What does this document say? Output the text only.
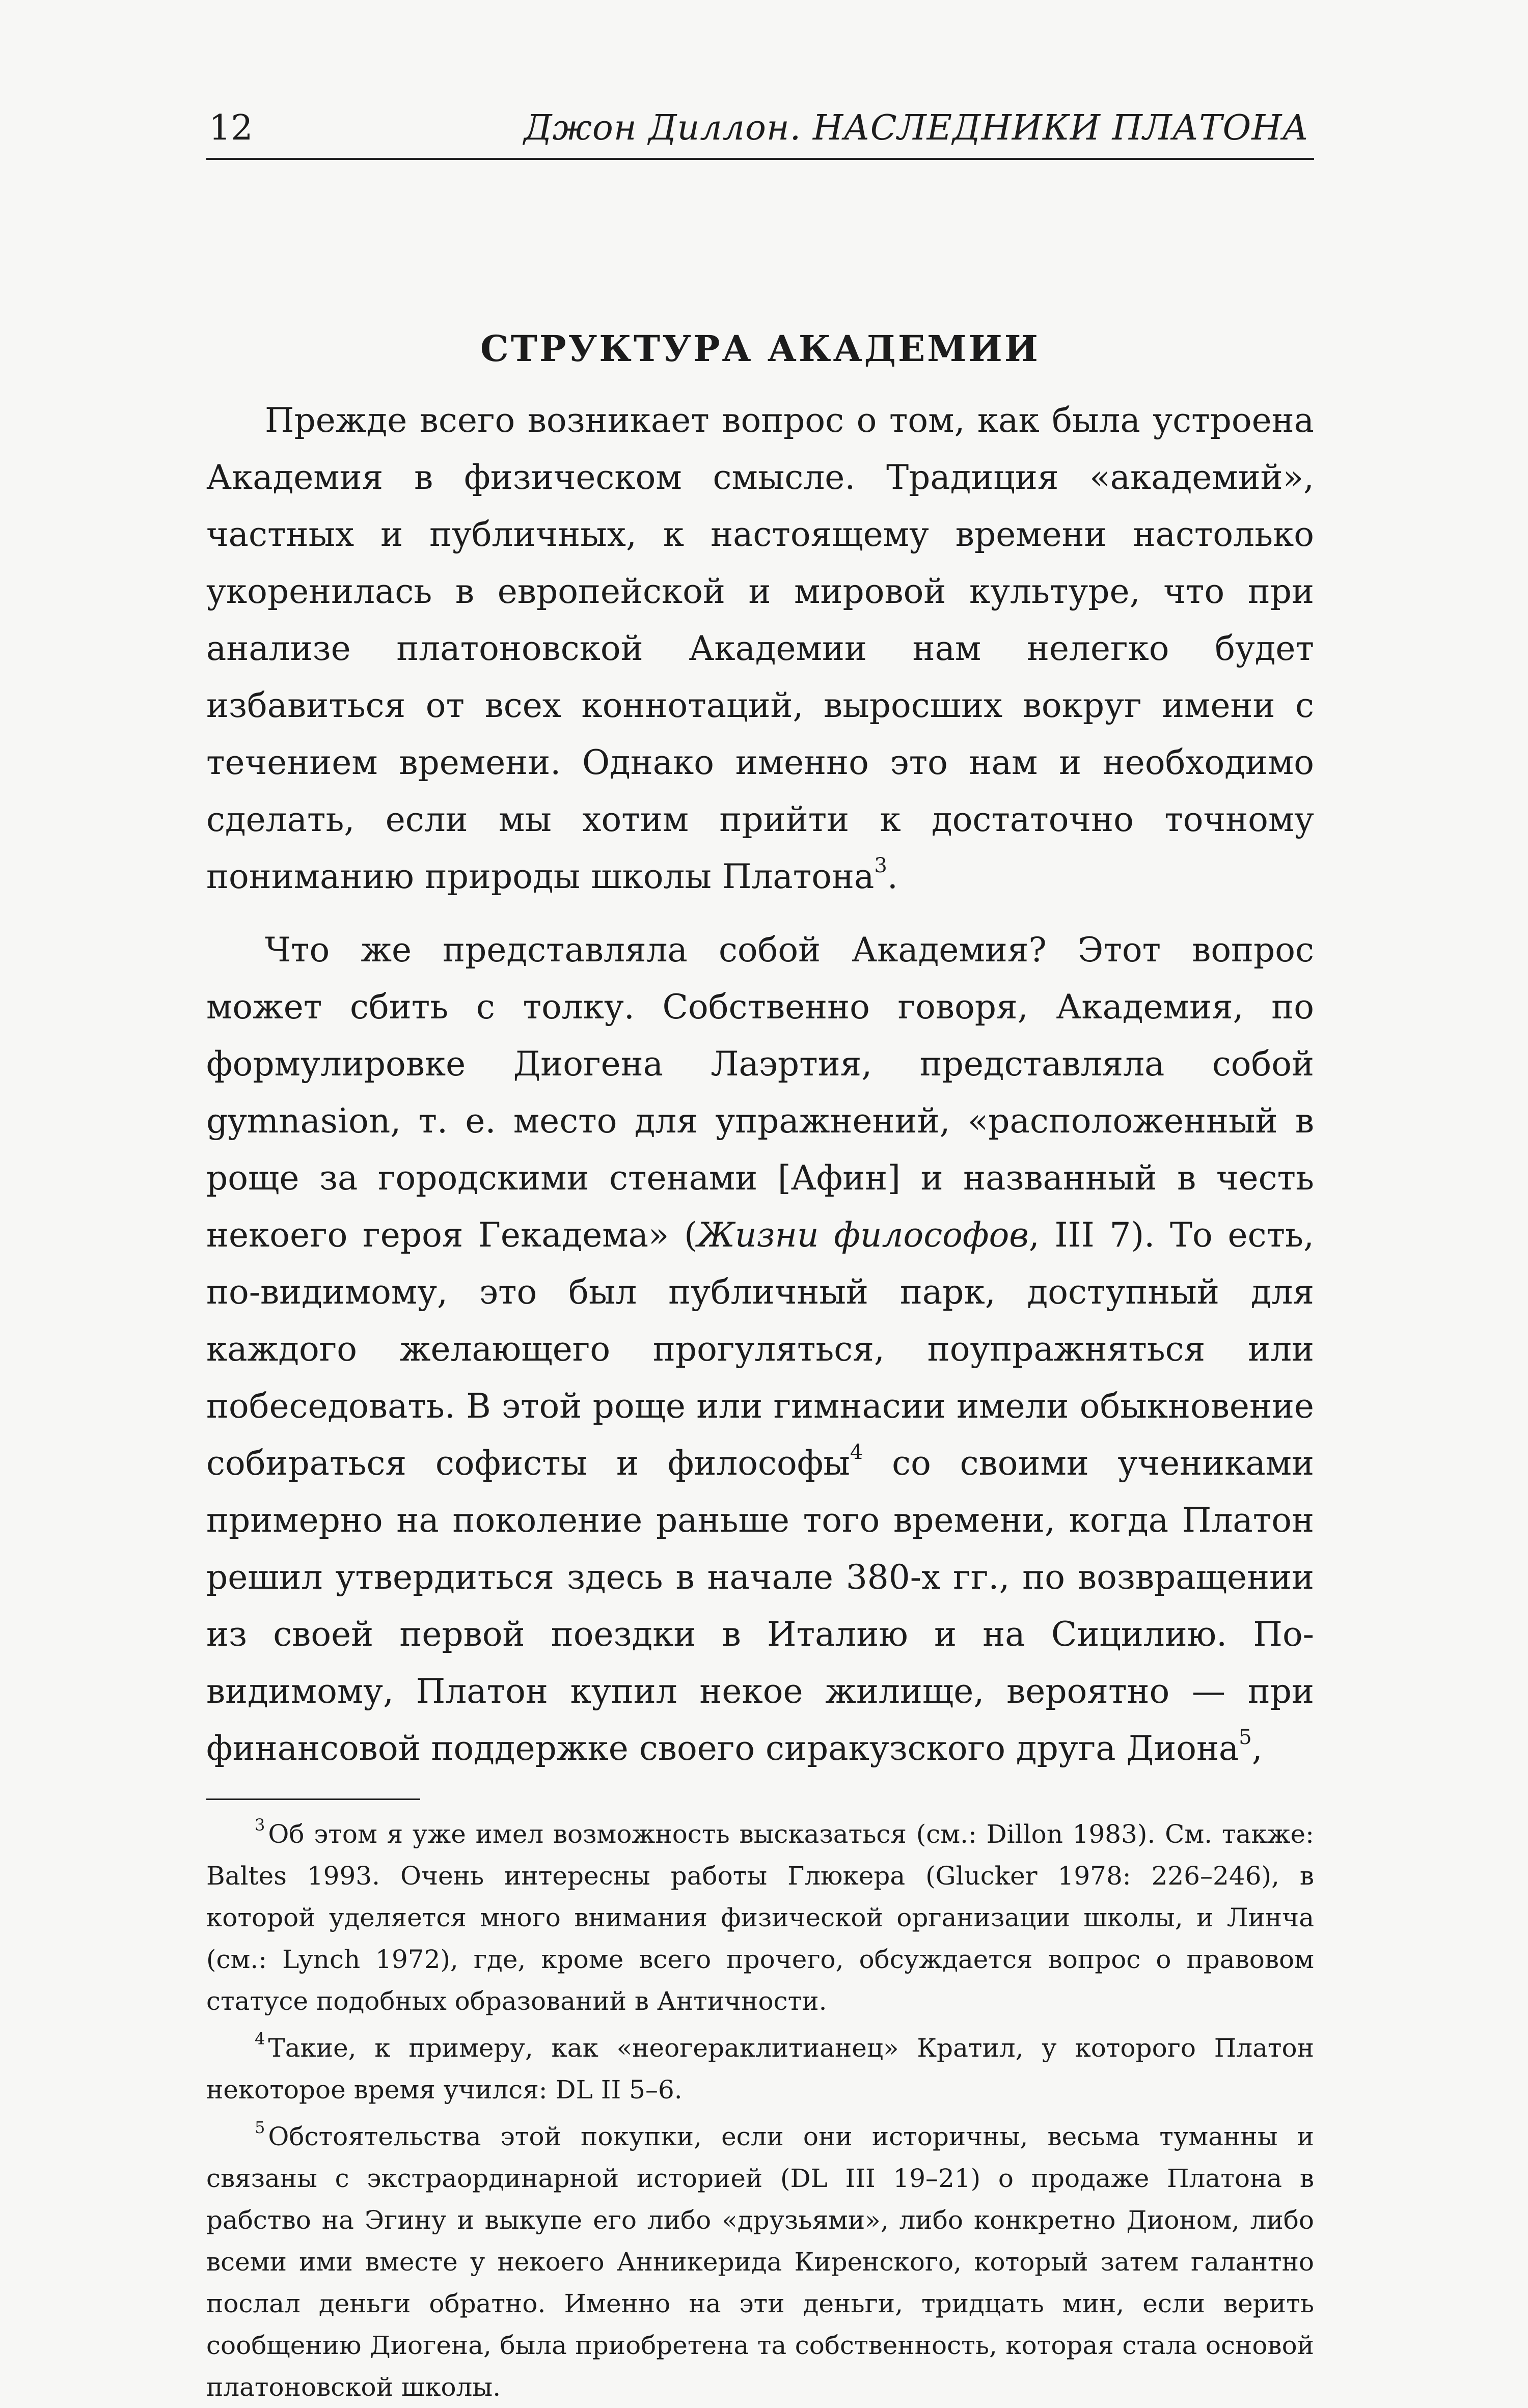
12	Джон Диллон. НАСЛЕДНИКИ ПЛАТОНА
СТРУКТУРА АКАДЕМИИ

Прежде всего возникает вопрос о том, как была устроена Академия в физическом смысле. Традиция «академий», частных и публичных, к настоящему времени настолько укоренилась в европейской и мировой культуре, что при анализе платоновской Академии нам нелегко будет избавиться от всех коннотаций, выросших вокруг имени с течением времени. Однако именно это нам и необходимо сделать, если мы хотим прийти к достаточно точному пониманию природы школы Платона$^3$.

Что же представляла собой Академия? Этот вопрос может сбить с толку. Собственно говоря, Академия, по формулировке Диогена Лаэртия, представляла собой gymnasion, т. е. место для упражнений, «расположенный в роще за городскими стенами [Афин] и названный в честь некоего героя Гекадема» (Жизни философов, III 7). То есть, по-видимому, это был публичный парк, доступный для каждого желающего прогуляться, поупражняться или побеседовать. В этой роще или гимнасии имели обыкновение собираться софисты и философы$^4$ со своими учениками примерно на поколение раньше того времени, когда Платон решил утвердиться здесь в начале 380-х гг., по возвращении из своей первой поездки в Италию и на Сицилию. По-видимому, Платон купил некое жилище, вероятно — при финансовой поддержке своего сиракузского друга Диона$^5$,

$^3$ Об этом я уже имел возможность высказаться (см.: Dillon 1983). См. также: Baltes 1993. Очень интересны работы Глюкера (Glucker 1978: 226–246), в которой уделяется много внимания физической организации школы, и Линча (см.: Lynch 1972), где, кроме всего прочего, обсуждается вопрос о правовом статусе подобных образований в Античности.

$^4$ Такие, к примеру, как «неогераклитианец» Кратил, у которого Платон некоторое время учился: DL II 5–6.

$^5$ Обстоятельства этой покупки, если они историчны, весьма туманны и связаны с экстраординарной историей (DL III 19–21) о продаже Платона в рабство на Эгину и выкупе его либо «друзьями», либо конкретно Дионом, либо всеми ими вместе у некоего Анникерида Киренского, который затем галантно послал деньги обратно. Именно на эти деньги, тридцать мин, если верить сообщению Диогена, была приобретена та собственность, которая стала основой платоновской школы.
